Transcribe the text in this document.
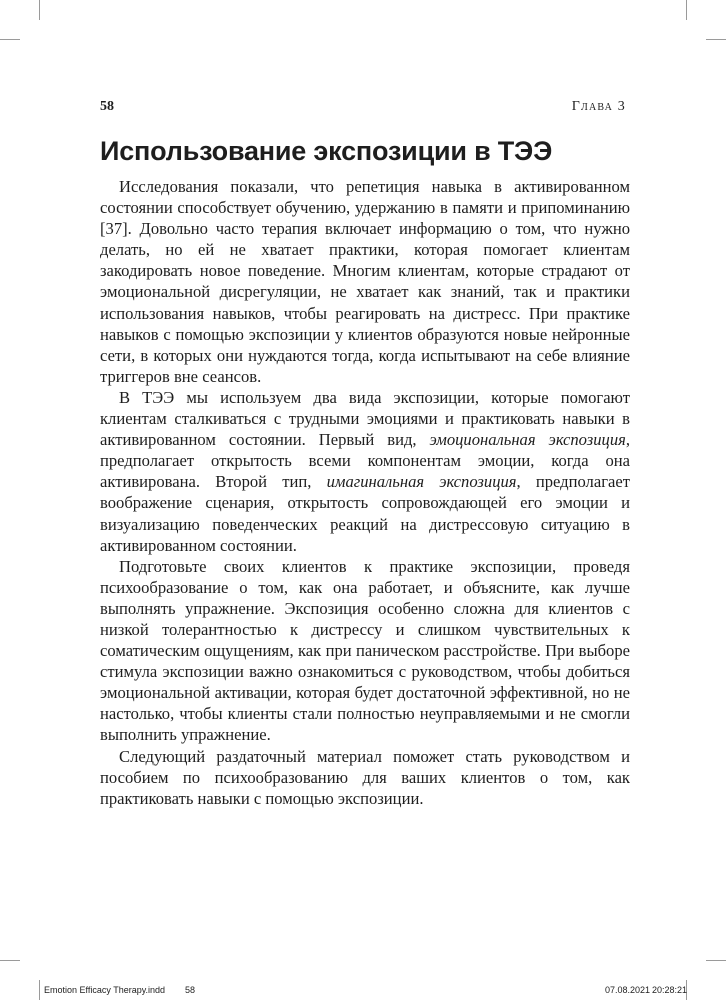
58	Глава 3
Использование экспозиции в ТЭЭ

Исследования показали, что репетиция навыка в активированном состоянии способствует обучению, удержанию в памяти и припоминанию [37]. Довольно часто терапия включает информацию о том, что нужно делать, но ей не хватает практики, которая помогает клиентам закодировать новое поведение. Многим клиентам, которые страдают от эмоциональной дисрегуляции, не хватает как знаний, так и практики использования навыков, чтобы реагировать на дистресс. При практике навыков с помощью экспозиции у клиентов образуются новые нейронные сети, в которых они нуждаются тогда, когда испытывают на себе влияние триггеров вне сеансов.

В ТЭЭ мы используем два вида экспозиции, которые помогают клиентам сталкиваться с трудными эмоциями и практиковать навыки в активированном состоянии. Первый вид, эмоциональная экспозиция, предполагает открытость всеми компонентам эмоции, когда она активирована. Второй тип, имагинальная экспозиция, предполагает воображение сценария, открытость сопровождающей его эмоции и визуализацию поведенческих реакций на дистрессовую ситуацию в активированном состоянии.

Подготовьте своих клиентов к практике экспозиции, проведя психообразование о том, как она работает, и объясните, как лучше выполнять упражнение. Экспозиция особенно сложна для клиентов с низкой толерантностью к дистрессу и слишком чувствительных к соматическим ощущениям, как при паническом расстройстве. При выборе стимула экспозиции важно ознакомиться с руководством, чтобы добиться эмоциональной активации, которая будет достаточной эффективной, но не настолько, чтобы клиенты стали полностью неуправляемыми и не смогли выполнить упражнение.

Следующий раздаточный материал поможет стать руководством и пособием по психообразованию для ваших клиентов о том, как практиковать навыки с помощью экспозиции.

Emotion Efficacy Therapy.indd 58	07.08.2021 20:28:21
